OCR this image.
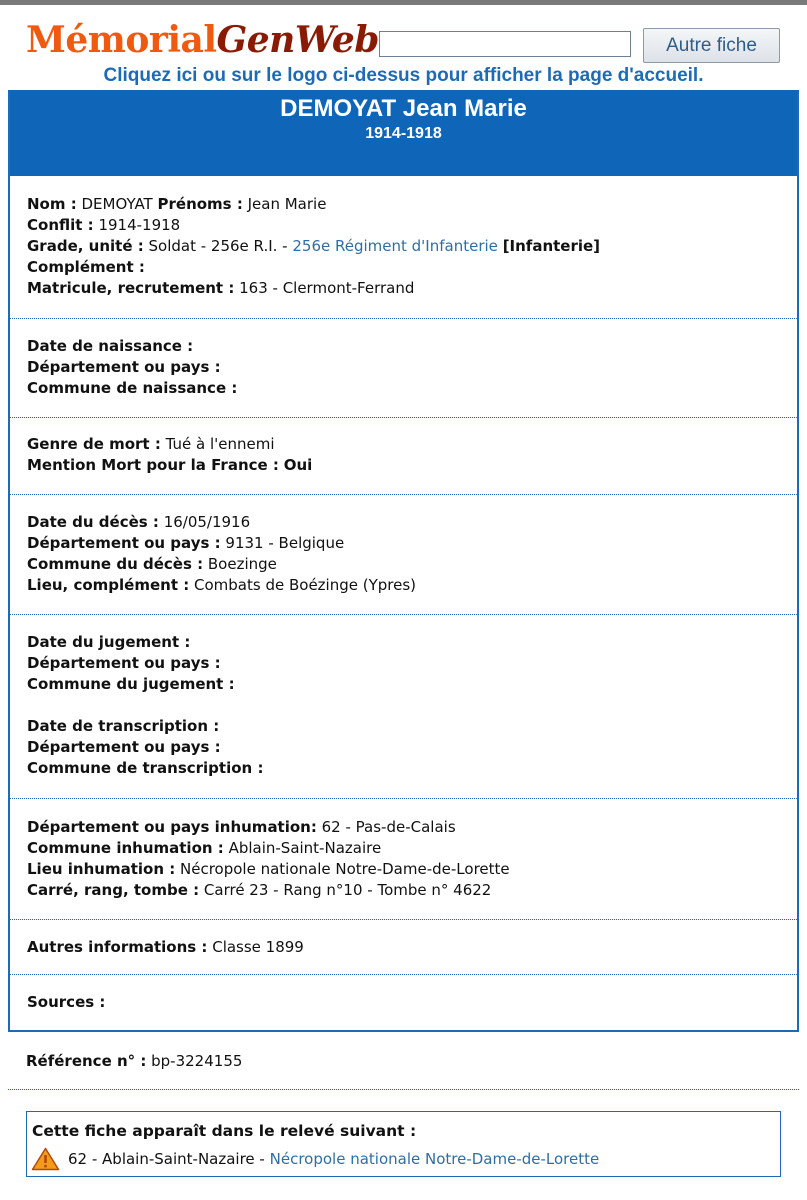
MémorialGenWeb	Autre fiche
Cliquez ici ou sur le logo ci-dessus pour afficher la page d'accueil.
DEMOYAT Jean Marie
1914-1918
Nom : DEMOYAT Prénoms : Jean Marie
Conflit : 1914-1918
Grade, unité : Soldat - 256e R.I. - 256e Régiment d'Infanterie [Infanterie]
Complément :
Matricule, recrutement : 163 - Clermont-Ferrand
Date de naissance :
Département ou pays :
Commune de naissance :
Genre de mort : Tué à l'ennemi
Mention Mort pour la France : Oui
Date du décès : 16/05/1916
Département ou pays : 9131 - Belgique
Commune du décès : Boezinge
Lieu, complément : Combats de Boézinge (Ypres)
Date du jugement :
Département ou pays :
Commune du jugement :
Date de transcription :
Département ou pays :
Commune de transcription :
Département ou pays inhumation: 62 - Pas-de-Calais
Commune inhumation : Ablain-Saint-Nazaire
Lieu inhumation : Nécropole nationale Notre-Dame-de-Lorette
Carré, rang, tombe : Carré 23 - Rang n°10 - Tombe n° 4622
Autres informations : Classe 1899
Sources :
Référence n° : bp-3224155
Cette fiche apparaît dans le relevé suivant :
62 - Ablain-Saint-Nazaire -
Nécropole nationale Notre-Dame-de-Lorette
